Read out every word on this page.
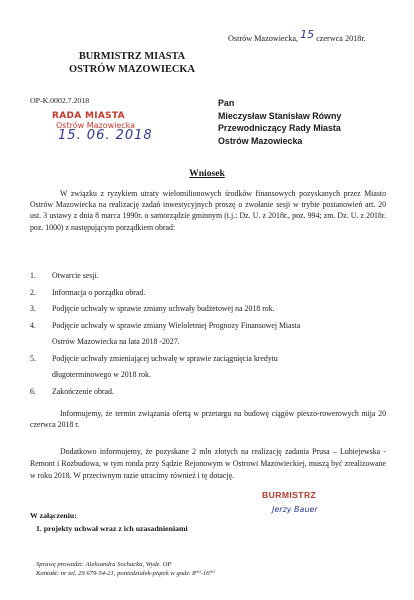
Ostrów Mazowiecka, 15 czerwca 2018r.
BURMISTRZ MIASTA
OSTRÓW MAZOWIECKA
OP-K.0002.7.2018
RADA MIASTA
Ostrów Mazowiecka
15. 06. 2018
Pan
Mieczysław Stanisław Równy
Przewodniczący Rady Miasta
Ostrów Mazowiecka
Wniosek
W związku z ryzykiem utraty wielomilionowych środków finansowych pozyskanych przez Miasto Ostrów Mazowiecka na realizację zadań inwestycyjnych proszę o zwołanie sesji w trybie postanowień art. 20 ust. 3 ustawy z dnia 8 marca 1990r. o samorządzie gminnym (t.j.: Dz. U. z 2018r., poz. 994; zm. Dz. U. z 2018r. poz. 1000) z następującym porządkiem obrad:
1. Otwarcie sesji.
2. Informacja o porządku obrad.
3. Podjęcie uchwały w sprawie zmiany uchwały budżetowej na 2018 rok.
4. Podjęcie uchwały w sprawie zmiany Wieloletniej Prognozy Finansowej Miasta
Ostrów Mazowiecka na lata 2018 -2027.
5. Podjęcie uchwały zmieniającej uchwałę w sprawie zaciągnięcia kredytu
długoterminowego w 2018 rok.
6. Zakończenie obrad.
Informujemy, że termin związania ofertą w przetargu na budowę ciągów pieszo-rowerowych mija 20 czerwca 2018 r.
Dodatkowo informujemy, że pozyskane 2 mln złotych na realizację zadania Prusa – Lubiejewska - Remont i Rozbudowa, w tym ronda przy Sądzie Rejonowym w Ostrowi Mazowieckiej, muszą być zrealizowane w roku 2018. W przeciwnym razie utracimy również i tę dotację.
BURMISTRZ
Jerzy Bauer
W załączeniu:
1. projekty uchwał wraz z ich uzasadnieniami
Sprawę prowadzi: Aleksandra Sochacka, Wydz. OP
Kontakt: nr tel. 29 679-54-21, poniedziałek-piątek w godz. 8⁰⁰-16⁰⁰
